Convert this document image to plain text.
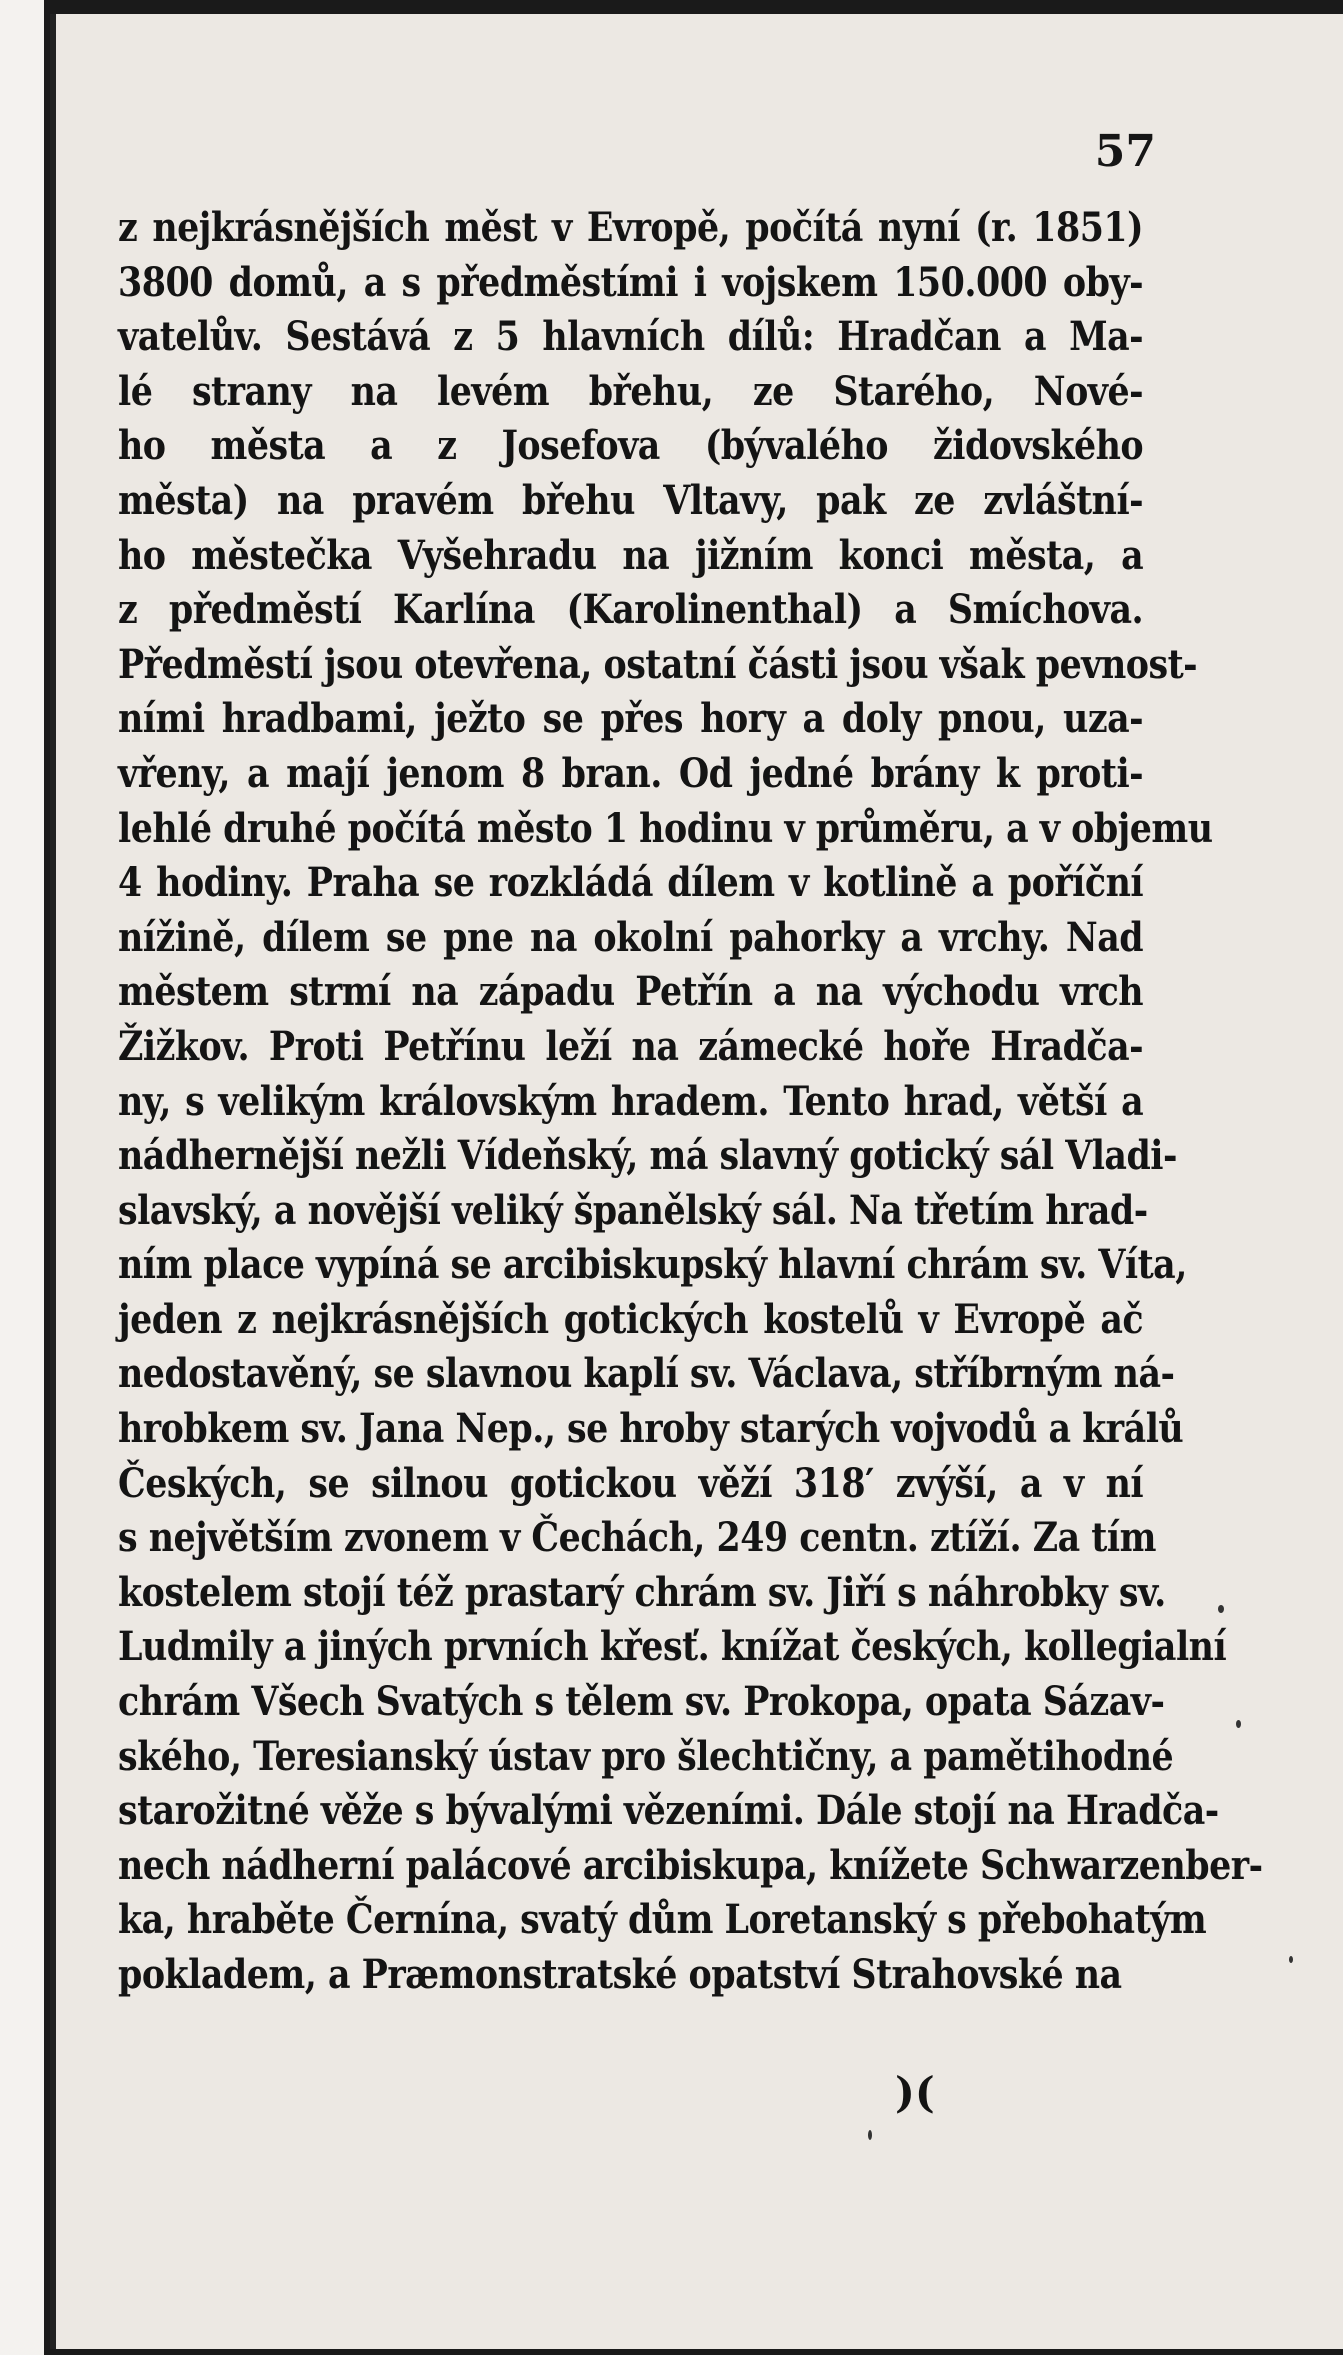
57
z nejkrásnějších měst v Evropě, počítá nyní (r. 1851)
3800 domů, a s předměstími i vojskem 150.000 oby-
vatelův. Sestává z 5 hlavních dílů: Hradčan a Ma-
lé strany na levém břehu, ze Starého, Nové-
ho města a z Josefova (bývalého židovského
města) na pravém břehu Vltavy, pak ze zvláštní-
ho městečka Vyšehradu na jižním konci města, a
z předměstí Karlína (Karolinenthal) a Smíchova.
Předměstí jsou otevřena, ostatní části jsou však pevnost-
ními hradbami, ježto se přes hory a doly pnou, uza-
vřeny, a mají jenom 8 bran. Od jedné brány k proti-
lehlé druhé počítá město 1 hodinu v průměru, a v objemu
4 hodiny. Praha se rozkládá dílem v kotlině a poříční
nížině, dílem se pne na okolní pahorky a vrchy. Nad
městem strmí na západu Petřín a na východu vrch
Žižkov. Proti Petřínu leží na zámecké hoře Hradča-
ny, s velikým královským hradem. Tento hrad, větší a
nádhernější nežli Vídeňský, má slavný gotický sál Vladi-
slavský, a novější veliký španělský sál. Na třetím hrad-
ním place vypíná se arcibiskupský hlavní chrám sv. Víta,
jeden z nejkrásnějších gotických kostelů v Evropě ač
nedostavěný, se slavnou kaplí sv. Václava, stříbrným ná-
hrobkem sv. Jana Nep., se hroby starých vojvodů a králů
Českých, se silnou gotickou věží 318′ zvýší, a v ní
s největším zvonem v Čechách, 249 centn. ztíží. Za tím
kostelem stojí též prastarý chrám sv. Jiří s náhrobky sv.
Ludmily a jiných prvních křesť. knížat českých, kollegialní
chrám Všech Svatých s tělem sv. Prokopa, opata Sázav-
ského, Teresianský ústav pro šlechtičny, a pamětihodné
starožitné věže s bývalými vězeními. Dále stojí na Hradča-
nech nádherní palácové arcibiskupa, knížete Schwarzenber-
ka, hraběte Černína, svatý dům Loretanský s přebohatým
pokladem, a Præmonstratské opatství Strahovské na
)(
